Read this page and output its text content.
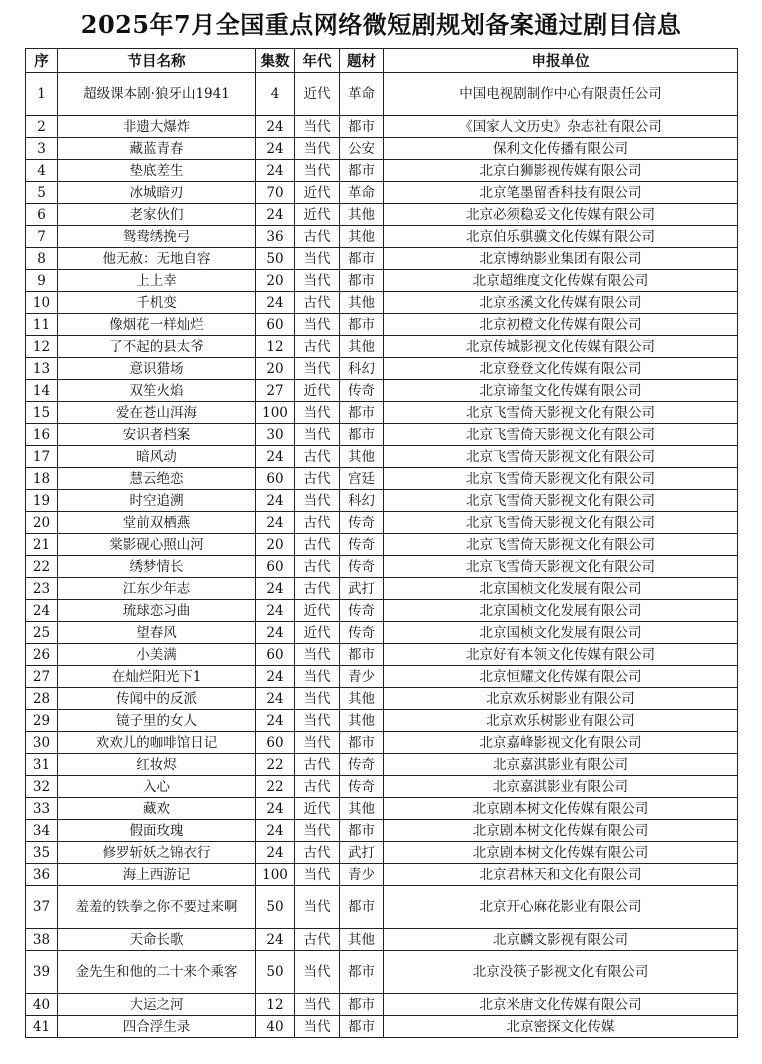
2025年7月全国重点网络微短剧规划备案通过剧目信息
序	节目名称	集数	年代	题材	申报单位
1	超级课本剧·狼牙山1941	4	近代	革命	中国电视剧制作中心有限责任公司
2	非遗大爆炸	24	当代	都市	《国家人文历史》杂志社有限公司
3	藏蓝青春	24	当代	公安	保利文化传播有限公司
4	垫底差生	24	当代	都市	北京白狮影视传媒有限公司
5	冰城暗刃	70	近代	革命	北京笔墨留香科技有限公司
6	老家伙们	24	近代	其他	北京必须稳妥文化传媒有限公司
7	鸳鸯绣挽弓	36	古代	其他	北京伯乐骐骥文化传媒有限公司
8	他无赦：无地自容	50	当代	都市	北京博纳影业集团有限公司
9	上上幸	20	当代	都市	北京超维度文化传媒有限公司
10	千机变	24	古代	其他	北京丞溪文化传媒有限公司
11	像烟花一样灿烂	60	当代	都市	北京初橙文化传媒有限公司
12	了不起的县太爷	12	古代	其他	北京传城影视文化传媒有限公司
13	意识猎场	20	当代	科幻	北京登登文化传媒有限公司
14	双笙火焰	27	近代	传奇	北京谛玺文化传媒有限公司
15	爱在苍山洱海	100	当代	都市	北京飞雪倚天影视文化有限公司
16	安识者档案	30	当代	都市	北京飞雪倚天影视文化有限公司
17	暗风动	24	古代	其他	北京飞雪倚天影视文化有限公司
18	慧云绝恋	60	古代	宫廷	北京飞雪倚天影视文化有限公司
19	时空追溯	24	当代	科幻	北京飞雪倚天影视文化有限公司
20	堂前双栖燕	24	古代	传奇	北京飞雪倚天影视文化有限公司
21	棠影砚心照山河	20	古代	传奇	北京飞雪倚天影视文化有限公司
22	绣梦情长	60	古代	传奇	北京飞雪倚天影视文化有限公司
23	江东少年志	24	古代	武打	北京国桢文化发展有限公司
24	琉球恋习曲	24	近代	传奇	北京国桢文化发展有限公司
25	望春风	24	近代	传奇	北京国桢文化发展有限公司
26	小美满	60	当代	都市	北京好有本领文化传媒有限公司
27	在灿烂阳光下1	24	当代	青少	北京恒耀文化传媒有限公司
28	传闻中的反派	24	当代	其他	北京欢乐树影业有限公司
29	镜子里的女人	24	当代	其他	北京欢乐树影业有限公司
30	欢欢儿的咖啡馆日记	60	当代	都市	北京嘉峰影视文化有限公司
31	红妆烬	22	古代	传奇	北京嘉淇影业有限公司
32	入心	22	古代	传奇	北京嘉淇影业有限公司
33	藏欢	24	近代	其他	北京剧本树文化传媒有限公司
34	假面玫瑰	24	当代	都市	北京剧本树文化传媒有限公司
35	修罗斩妖之锦衣行	24	古代	武打	北京剧本树文化传媒有限公司
36	海上西游记	100	当代	青少	北京君林天和文化有限公司
37	羞羞的铁拳之你不要过来啊	50	当代	都市	北京开心麻花影业有限公司
38	天命长歌	24	古代	其他	北京麟文影视有限公司
39	金先生和他的二十来个乘客	50	当代	都市	北京没筷子影视文化有限公司
40	大运之河	12	当代	都市	北京米唐文化传媒有限公司
41	四合浮生录	40	当代	都市	北京密探文化传媒
